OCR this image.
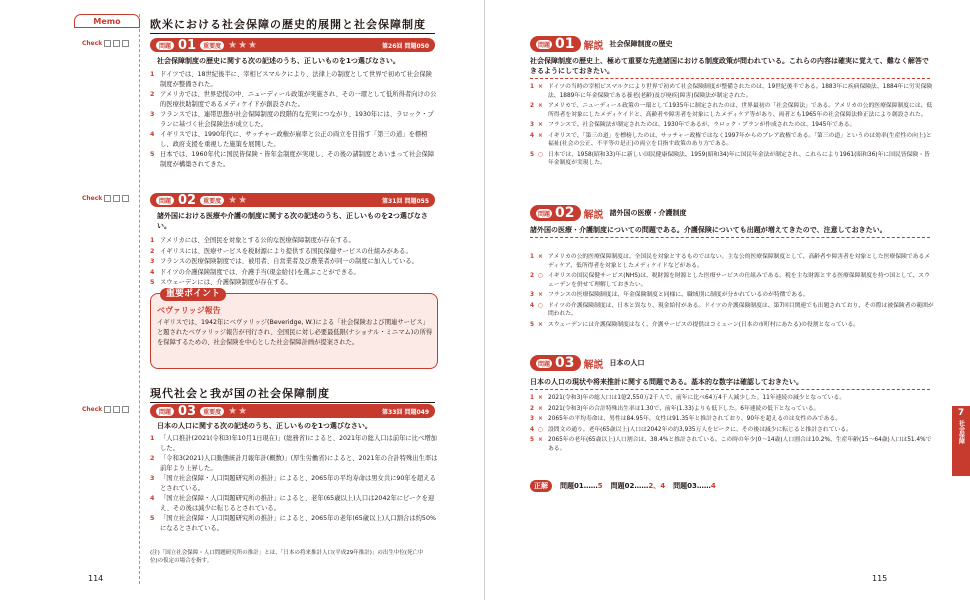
Memo
Check
Check
Check
欧米における社会保障の歴史的展開と社会保障制度
問題 01	重要度 ★★★	第26回 問題050
社会保障制度の歴史に関する次の記述のうち、正しいものを1つ選びなさい。
1 ドイツでは、18世紀後半に、宰相ビスマルクにより、法律上の制度として世界で初めて社会保険制度が整備された。
2 アメリカでは、世界恐慌の中、ニューディール政策が実施され、その一環として低所得者向けの公的医療扶助制度であるメディケイドが創設された。
3 フランスでは、連帯思想が社会保障制度の段階的な充実につながり、1930年には、ラロック・プランに基づく社会保険法が成立した。
4 イギリスでは、1990年代に、サッチャー政権が雇率と公正の両立を目指す「第三の道」を標榜し、政府支援を重視した施策を展開した。
5 日本では、1960年代に国民皆保険・皆年金制度が実現し、その後の諸制度とあいまって社会保障制度が構築されてきた。
問題 02	重要度 ★★	第31回 問題055
諸外国における医療や介護の制度に関する次の記述のうち、正しいものを2つ選びなさい。
1 アメリカには、全国民を対象とする公的な医療保障制度が存在する。
2 イギリスには、医療サービスを税財源により提供する国民保健サービスの仕組みがある。
3 フランスの医療保険制度では、被用者、自営業者及び農業者が同一の制度に加入している。
4 ドイツの介護保険制度では、介護手当(現金給付)を選ぶことができる。
5 スウェーデンには、介護保険制度が存在する。
重要ポイント
ベヴァリッジ報告
イギリスでは、1942年にベヴァリッジ(Beveridge, W.)による「社会保険および関連サービス」と題されたベヴァリッジ報告が刊行され、全国民に対し必要最低限(ナショナル・ミニマム)の所得を保障するための、社会保険を中心とした社会保障計画が提案された。
現代社会と我が国の社会保障制度
問題 03	重要度 ★★	第33回 問題049
日本の人口に関する次の記述のうち、正しいものを1つ選びなさい。
1 「人口推計(2021(令和3)年10月1日現在)」(総務省)によると、2021年の総人口は前年に比べ増加した。
2 「令和3(2021)人口動態統計月報年計(概数)」(厚生労働省)によると、2021年の合計特殊出生率は前年より上昇した。
3 「国立社会保障・人口問題研究所の推計」によると、2065年の平均寿命は男女共に90年を超えるとされている。
4 「国立社会保障・人口問題研究所の推計」によると、老年(65歳以上)人口は2042年にピークを迎え、その後は減少に転じるとされている。
5 「国立社会保障・人口問題研究所の推計」によると、2065年の老年(65歳以上)人口割合は約50%になるとされている。
(注)「国立社会保障・人口問題研究所の推計」とは、「日本の将来推計人口(平成29年推計)」の出生中位(死亡中位)の仮定の場合を指す。
114
問題 01 解説 社会保障制度の歴史
社会保障制度の歴史上、極めて重要な先進諸国における制度政策が問われている。これらの内容は確実に覚えて、難なく解答できるようにしておきたい。
1 × ドイツの当時の宰相ビスマルクにより世界で初めて社会保険制度が整備されたのは、19世紀後半である。1883年に疾病保険法、1884年に労災保険法、1889年に年金保険である養老(老齢)及び廃疾(障害)保険法が制定された。
2 × アメリカで、ニューディール政策の一環として1935年に制定されたのは、世界最初の「社会保障法」である。アメリカの公的医療保障制度には、低所得者を対象にしたメディケイドと、高齢者や障害者を対象にしたメディケア等があり、両者とも1965年の社会保障法修正法により創設された。
3 × フランスで、社会保険法が制定されたのは、1930年であるが、ラロック・プランが作成されたのは、1945年である。
4 × イギリスで、「第三の道」を標榜したのは、サッチャー政権ではなく1997年からのブレア政権である。「第三の道」というのは効率(生産性の向上)と福祉(社会の公正、不平等の是正)の両立を目指す政策のあり方である。
5 ○ 日本では、1958(昭和33)年に新しい国民健康保険法、1959(昭和34)年に国民年金法が制定され、これらにより1961(昭和36)年に国民皆保険・皆年金制度が実現した。
問題 02 解説 諸外国の医療・介護制度
諸外国の医療・介護制度についての問題である。介護保険についても出題が増えてきたので、注意しておきたい。
1 × アメリカの公的医療保障制度は、全国民を対象とするものではない。主な公的医療保障制度として、高齢者や障害者を対象とした医療保険であるメディケア、低所得者を対象としたメディケイドなどがある。
2 ○ イギリスの国民保健サービス(NHS)は、税財源を財源とした医療サービスの仕組みである。税を主な財源とする医療保障制度を持つ国として、スウェーデンを併せて理解しておきたい。
3 × フランスの医療保険制度は、年金保険制度と同様に、職域別に制度が分かれているのが特徴である。
4 ○ ドイツの介護保険制度は、日本と異なり、現金給付がある。ドイツの介護保険制度は、第7回目関連でも出題されており、その際は被保険者の範囲が問われた。
5 × スウェーデンには介護保険制度はなく、介護サービスの提供はコミューン(日本の市町村にあたる)の役割となっている。
問題 03 解説 日本の人口
日本の人口の現状や将来推計に関する問題である。基本的な数字は確認しておきたい。
1 × 2021(令和3)年の総人口は1億2,550万2千人で、前年に比べ64万4千人減少した。11年連続の減少となっている。
2 × 2021(令和3)年の合計特殊出生率は1.30で、前年(1.33)よりも低下した。6年連続の低下となっている。
3 × 2065年の平均寿命は、男性は84.95年、女性は91.35年と推計されており、90年を超えるのは女性のみである。
4 ○ 設問文の通り。老年(65歳以上)人口は2042年の約3,935万人をピークに、その後は減少に転じると推計されている。
5 × 2065年の老年(65歳以上)人口割合は、38.4%と推計されている。この時の年少(0〜14歳)人口割合は10.2%、生産年齢(15〜64歳)人口は51.4%である。
正解	問題01……5 問題02……2、4 問題03……4
7
社会保障
115
